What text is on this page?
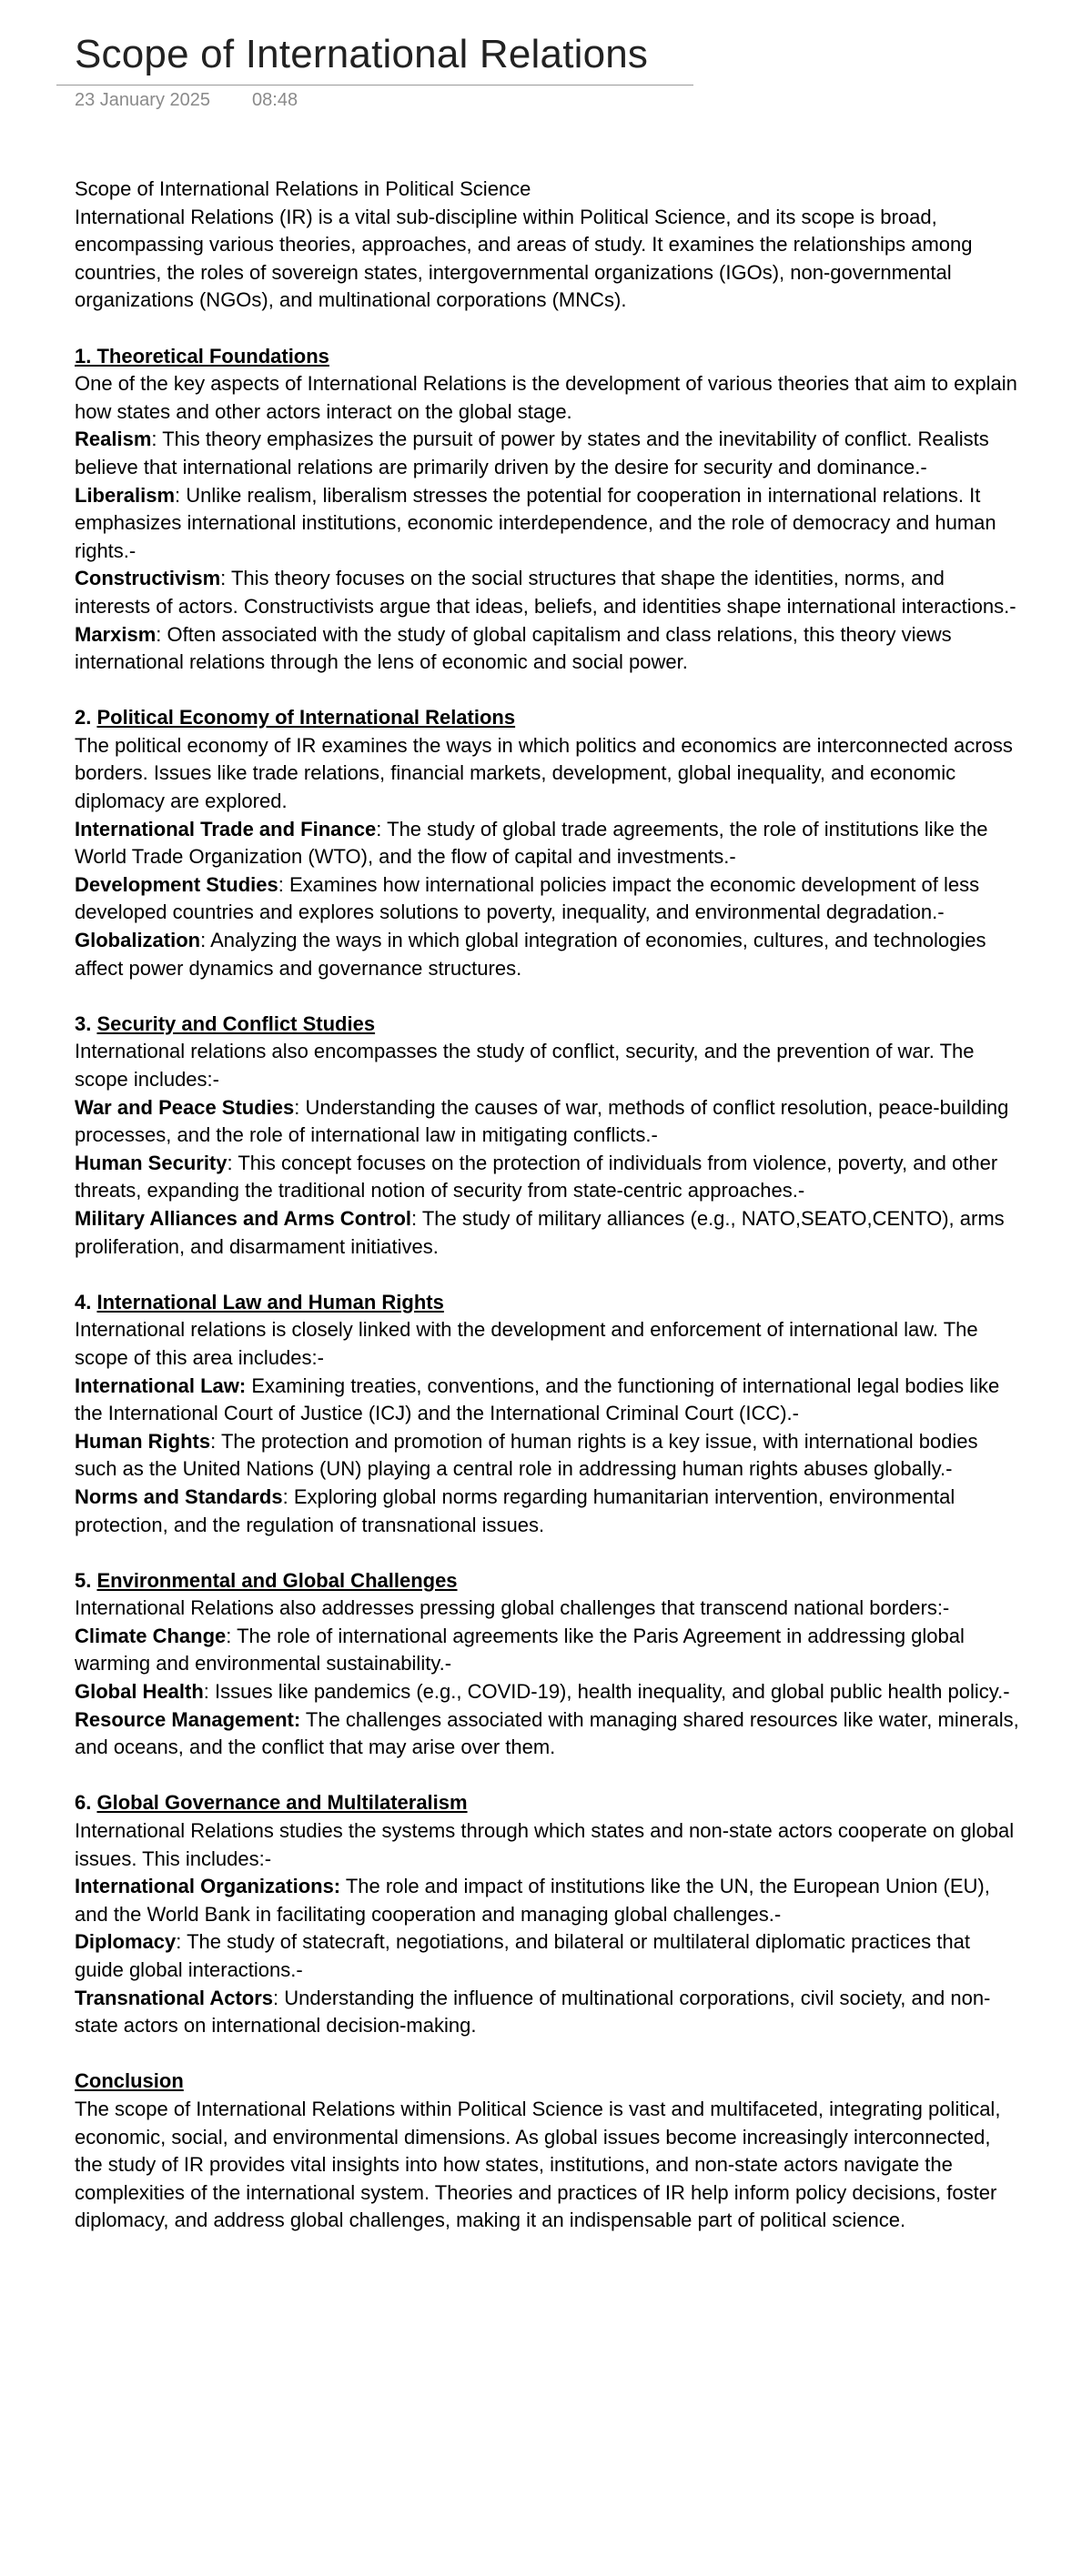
Scope of International Relations
23 January 2025 08:48

Scope of International Relations in Political Science

International Relations (IR) is a vital sub-discipline within Political Science, and its scope is broad, encompassing various theories, approaches, and areas of study. It examines the relationships among countries, the roles of sovereign states, intergovernmental organizations (IGOs), non-governmental organizations (NGOs), and multinational corporations (MNCs).

1. Theoretical Foundations

One of the key aspects of International Relations is the development of various theories that aim to explain how states and other actors interact on the global stage.

Realism: This theory emphasizes the pursuit of power by states and the inevitability of conflict. Realists believe that international relations are primarily driven by the desire for security and dominance.-

Liberalism: Unlike realism, liberalism stresses the potential for cooperation in international relations. It emphasizes international institutions, economic interdependence, and the role of democracy and human rights.-

Constructivism: This theory focuses on the social structures that shape the identities, norms, and interests of actors. Constructivists argue that ideas, beliefs, and identities shape international interactions.-

Marxism: Often associated with the study of global capitalism and class relations, this theory views international relations through the lens of economic and social power.

2. Political Economy of International Relations

The political economy of IR examines the ways in which politics and economics are interconnected across borders. Issues like trade relations, financial markets, development, global inequality, and economic diplomacy are explored.

International Trade and Finance: The study of global trade agreements, the role of institutions like the World Trade Organization (WTO), and the flow of capital and investments.-

Development Studies: Examines how international policies impact the economic development of less developed countries and explores solutions to poverty, inequality, and environmental degradation.-

Globalization: Analyzing the ways in which global integration of economies, cultures, and technologies affect power dynamics and governance structures.

3. Security and Conflict Studies

International relations also encompasses the study of conflict, security, and the prevention of war. The scope includes:-

War and Peace Studies: Understanding the causes of war, methods of conflict resolution, peace-building processes, and the role of international law in mitigating conflicts.-

Human Security: This concept focuses on the protection of individuals from violence, poverty, and other threats, expanding the traditional notion of security from state-centric approaches.-

Military Alliances and Arms Control: The study of military alliances (e.g., NATO,SEATO,CENTO), arms proliferation, and disarmament initiatives.

4. International Law and Human Rights

International relations is closely linked with the development and enforcement of international law. The scope of this area includes:-

International Law: Examining treaties, conventions, and the functioning of international legal bodies like the International Court of Justice (ICJ) and the International Criminal Court (ICC).-

Human Rights: The protection and promotion of human rights is a key issue, with international bodies such as the United Nations (UN) playing a central role in addressing human rights abuses globally.-

Norms and Standards: Exploring global norms regarding humanitarian intervention, environmental protection, and the regulation of transnational issues.

5. Environmental and Global Challenges

International Relations also addresses pressing global challenges that transcend national borders:-

Climate Change: The role of international agreements like the Paris Agreement in addressing global warming and environmental sustainability.-

Global Health: Issues like pandemics (e.g., COVID-19), health inequality, and global public health policy.-

Resource Management: The challenges associated with managing shared resources like water, minerals, and oceans, and the conflict that may arise over them.

6. Global Governance and Multilateralism

International Relations studies the systems through which states and non-state actors cooperate on global issues. This includes:-

International Organizations: The role and impact of institutions like the UN, the European Union (EU), and the World Bank in facilitating cooperation and managing global challenges.-

Diplomacy: The study of statecraft, negotiations, and bilateral or multilateral diplomatic practices that guide global interactions.-

Transnational Actors: Understanding the influence of multinational corporations, civil society, and non-state actors on international decision-making.

Conclusion

The scope of International Relations within Political Science is vast and multifaceted, integrating political, economic, social, and environmental dimensions. As global issues become increasingly interconnected, the study of IR provides vital insights into how states, institutions, and non-state actors navigate the complexities of the international system. Theories and practices of IR help inform policy decisions, foster diplomacy, and address global challenges, making it an indispensable part of political science.
